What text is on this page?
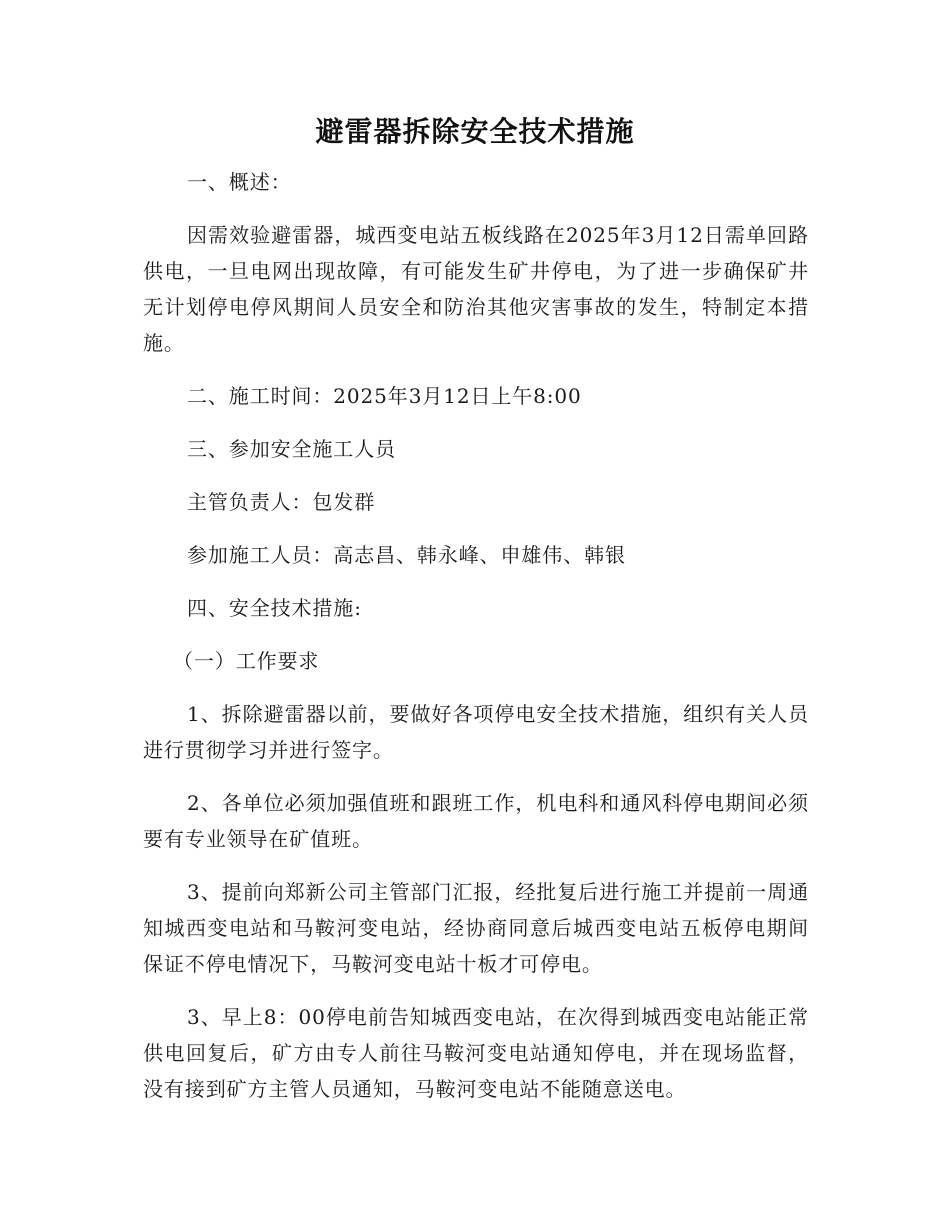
避雷器拆除安全技术措施

一、概述：

因需效验避雷器，城西变电站五板线路在2025年3月12日需单回路供电，一旦电网出现故障，有可能发生矿井停电，为了进一步确保矿井无计划停电停风期间人员安全和防治其他灾害事故的发生，特制定本措施。

二、施工时间：2025年3月12日上午8:00

三、参加安全施工人员

主管负责人：包发群

参加施工人员：高志昌、韩永峰、申雄伟、韩银

四、安全技术措施:

（一）工作要求

1、拆除避雷器以前，要做好各项停电安全技术措施，组织有关人员进行贯彻学习并进行签字。

2、各单位必须加强值班和跟班工作，机电科和通风科停电期间必须要有专业领导在矿值班。

3、提前向郑新公司主管部门汇报，经批复后进行施工并提前一周通知城西变电站和马鞍河变电站，经协商同意后城西变电站五板停电期间保证不停电情况下，马鞍河变电站十板才可停电。

3、早上8：00停电前告知城西变电站，在次得到城西变电站能正常供电回复后，矿方由专人前往马鞍河变电站通知停电，并在现场监督，没有接到矿方主管人员通知，马鞍河变电站不能随意送电。
